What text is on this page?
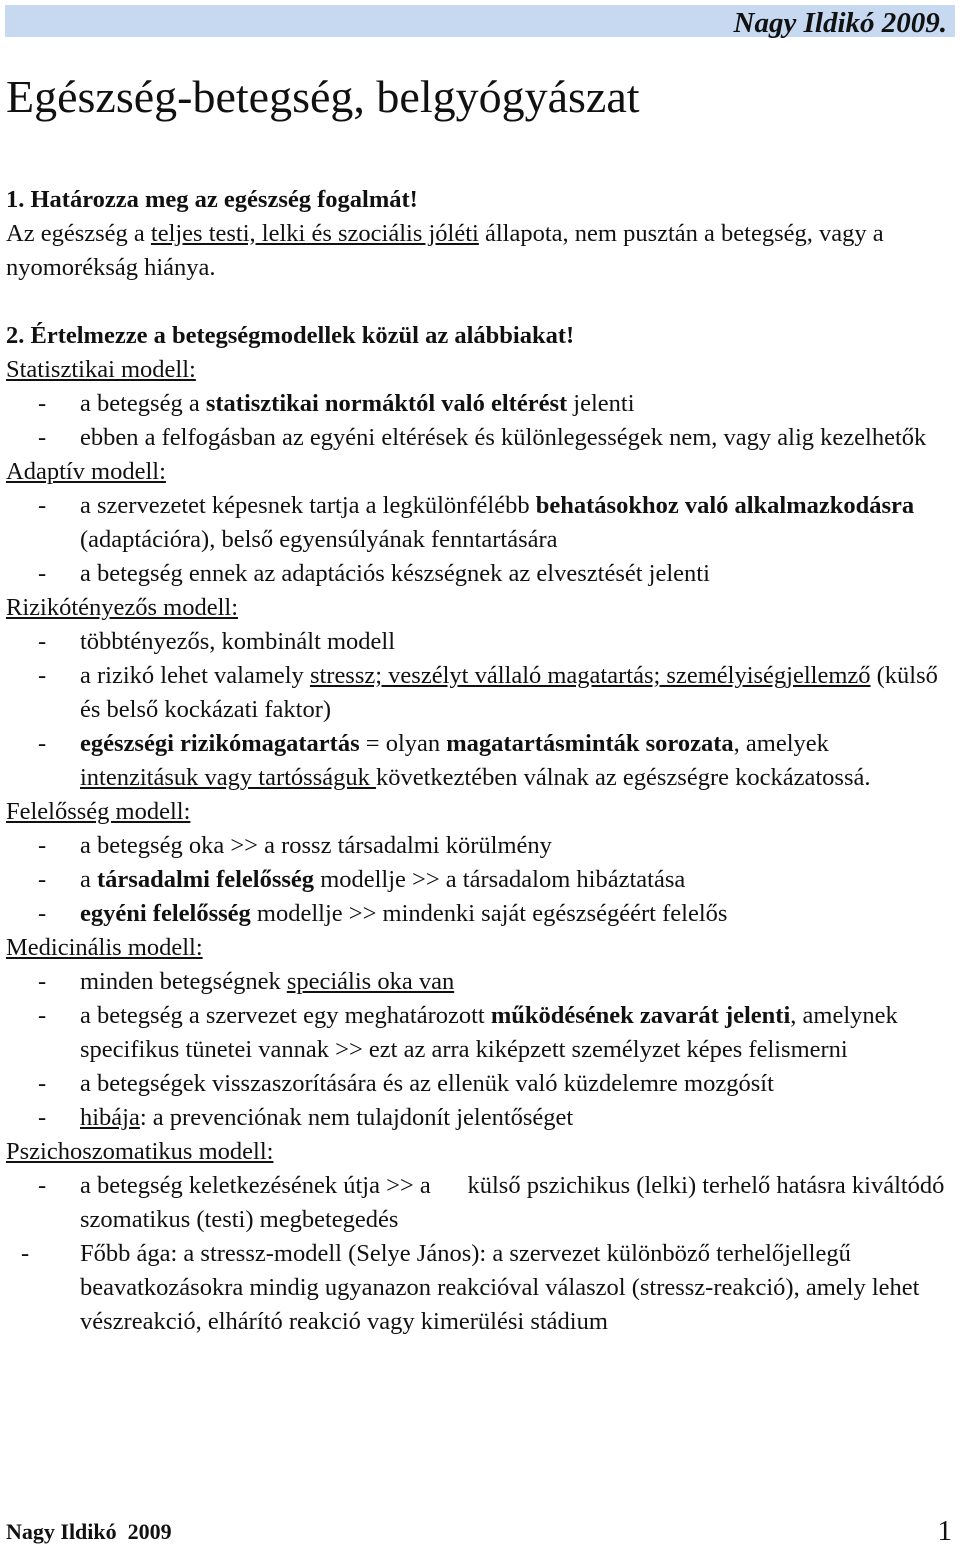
Nagy Ildikó 2009.
Egészség-betegség, belgyógyászat

1. Határozza meg az egészség fogalmát!

Az egészség a teljes testi, lelki és szociális jóléti állapota, nem pusztán a betegség, vagy a nyomorékság hiánya.

2. Értelmezze a betegségmodellek közül az alábbiakat!

Statisztikai modell:

- a betegség a statisztikai normáktól való eltérést jelenti

- ebben a felfogásban az egyéni eltérések és különlegességek nem, vagy alig kezelhetők

Adaptív modell:

- a szervezetet képesnek tartja a legkülönfélébb behatásokhoz való alkalmazkodásra (adaptációra), belső egyensúlyának fenntartására

- a betegség ennek az adaptációs készségnek az elvesztését jelenti

Rizikótényezős modell:

- többtényezős, kombinált modell

- a rizikó lehet valamely stressz; veszélyt vállaló magatartás; személyiségjellemző (külső és belső kockázati faktor)

- egészségi rizikómagatartás = olyan magatartásminták sorozata, amelyek intenzitásuk vagy tartósságuk következtében válnak az egészségre kockázatossá.

Felelősség modell:

- a betegség oka >> a rossz társadalmi körülmény

- a társadalmi felelősség modellje >> a társadalom hibáztatása

- egyéni felelősség modellje >> mindenki saját egészségéért felelős

Medicinális modell:

- minden betegségnek speciális oka van

- a betegség a szervezet egy meghatározott működésének zavarát jelenti, amelynek specifikus tünetei vannak >> ezt az arra kiképzett személyzet képes felismerni

- a betegségek visszaszorítására és az ellenük való küzdelemre mozgósít

- hibája: a prevenciónak nem tulajdonít jelentőséget

Pszichoszomatikus modell:

- a betegség keletkezésének útja >> a      külső pszichikus (lelki) terhelő hatásra kiváltódó szomatikus (testi) megbetegedés

- Főbb ága: a stressz-modell (Selye János): a szervezet különböző terhelőjellegű beavatkozásokra mindig ugyanazon reakcióval válaszol (stressz-reakció), amely lehet vészreakció, elhárító reakció vagy kimerülési stádium

Nagy Ildikó  2009	1
